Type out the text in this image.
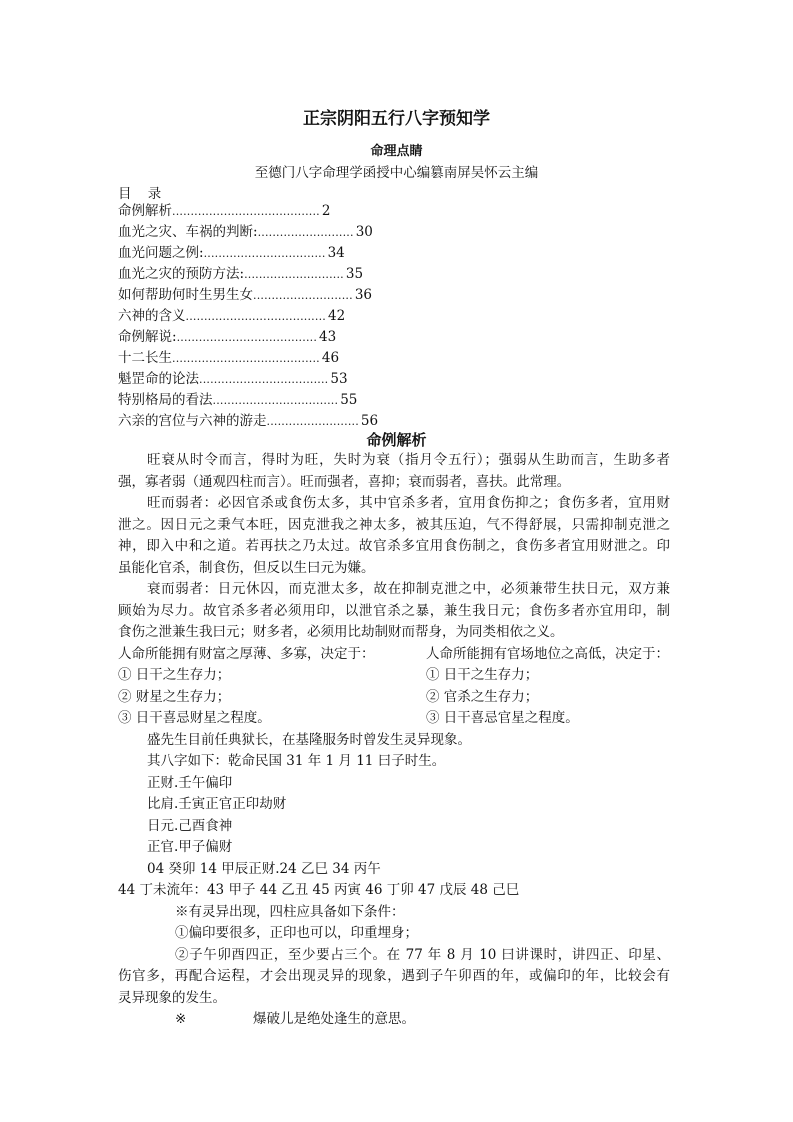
正宗阴阳五行八字预知学
命理点睛
至德门八字命理学函授中心编篡南屏吴怀云主编
目 录
命例解析 ........................................ 2
血光之灾、车祸的判断: .......................... 30
血光问题之例: ................................. 34
血光之灾的预防方法: ........................... 35
如何帮助何时生男生女 ........................... 36
六神的含义 ...................................... 42
命例解说: ...................................... 43
十二长生 ........................................ 46
魁罡命的论法 ................................... 53
特别格局的看法 .................................. 55
六亲的宫位与六神的游走 ......................... 56
命例解析
旺衰从时令而言，得时为旺，失时为衰（指月令五行）；强弱从生助而言，生助多者
强，寡者弱（通观四柱而言）。旺而强者，喜抑；衰而弱者，喜扶。此常理。
旺而弱者：必因官杀或食伤太多，其中官杀多者，宜用食伤抑之；食伤多者，宜用财
泄之。因日元之秉气本旺，因克泄我之神太多，被其压迫，气不得舒展，只需抑制克泄之
神，即入中和之道。若再扶之乃太过。故官杀多宜用食伤制之，食伤多者宜用财泄之。印
虽能化官杀，制食伤，但反以生曰元为嫌。
衰而弱者：日元休囚，而克泄太多，故在抑制克泄之中，必须兼带生扶日元，双方兼
顾始为尽力。故官杀多者必须用印，以泄官杀之暴，兼生我日元；食伤多者亦宜用印，制
食伤之泄兼生我曰元；财多者，必须用比劫制财而帮身，为同类相依之义。
人命所能拥有财富之厚薄、多寡，决定于：	人命所能拥有官场地位之高低，决定于：
① 日干之生存力；	① 日干之生存力；
② 财星之生存力；	② 官杀之生存力；
③ 日干喜忌财星之程度。	③ 日干喜忌官星之程度。
盛先生目前任典狱长，在基隆服务时曾发生灵异现象。
其八字如下：乾命民国 31 年 1 月 11 曰子时生。
正财.壬午偏印
比肩.壬寅正官正印劫财
日元.己酉食神
正官.甲子偏财
04 癸卯 14 甲辰正财.24 乙巳 34 丙午
44 丁未流年：43 甲子 44 乙丑 45 丙寅 46 丁卯 47 戊辰 48 己巳
※有灵异出现，四柱应具备如下条件：
①偏印要很多，正印也可以，印重埋身；
②子午卯酉四正，至少要占三个。在 77 年 8 月 10 曰讲课时，讲四正、印星、
伤官多，再配合运程，才会出现灵异的现象，遇到子午卯酉的年，或偏印的年，比较会有
灵异现象的发生。
※	爆破儿是绝处逢生的意思。
